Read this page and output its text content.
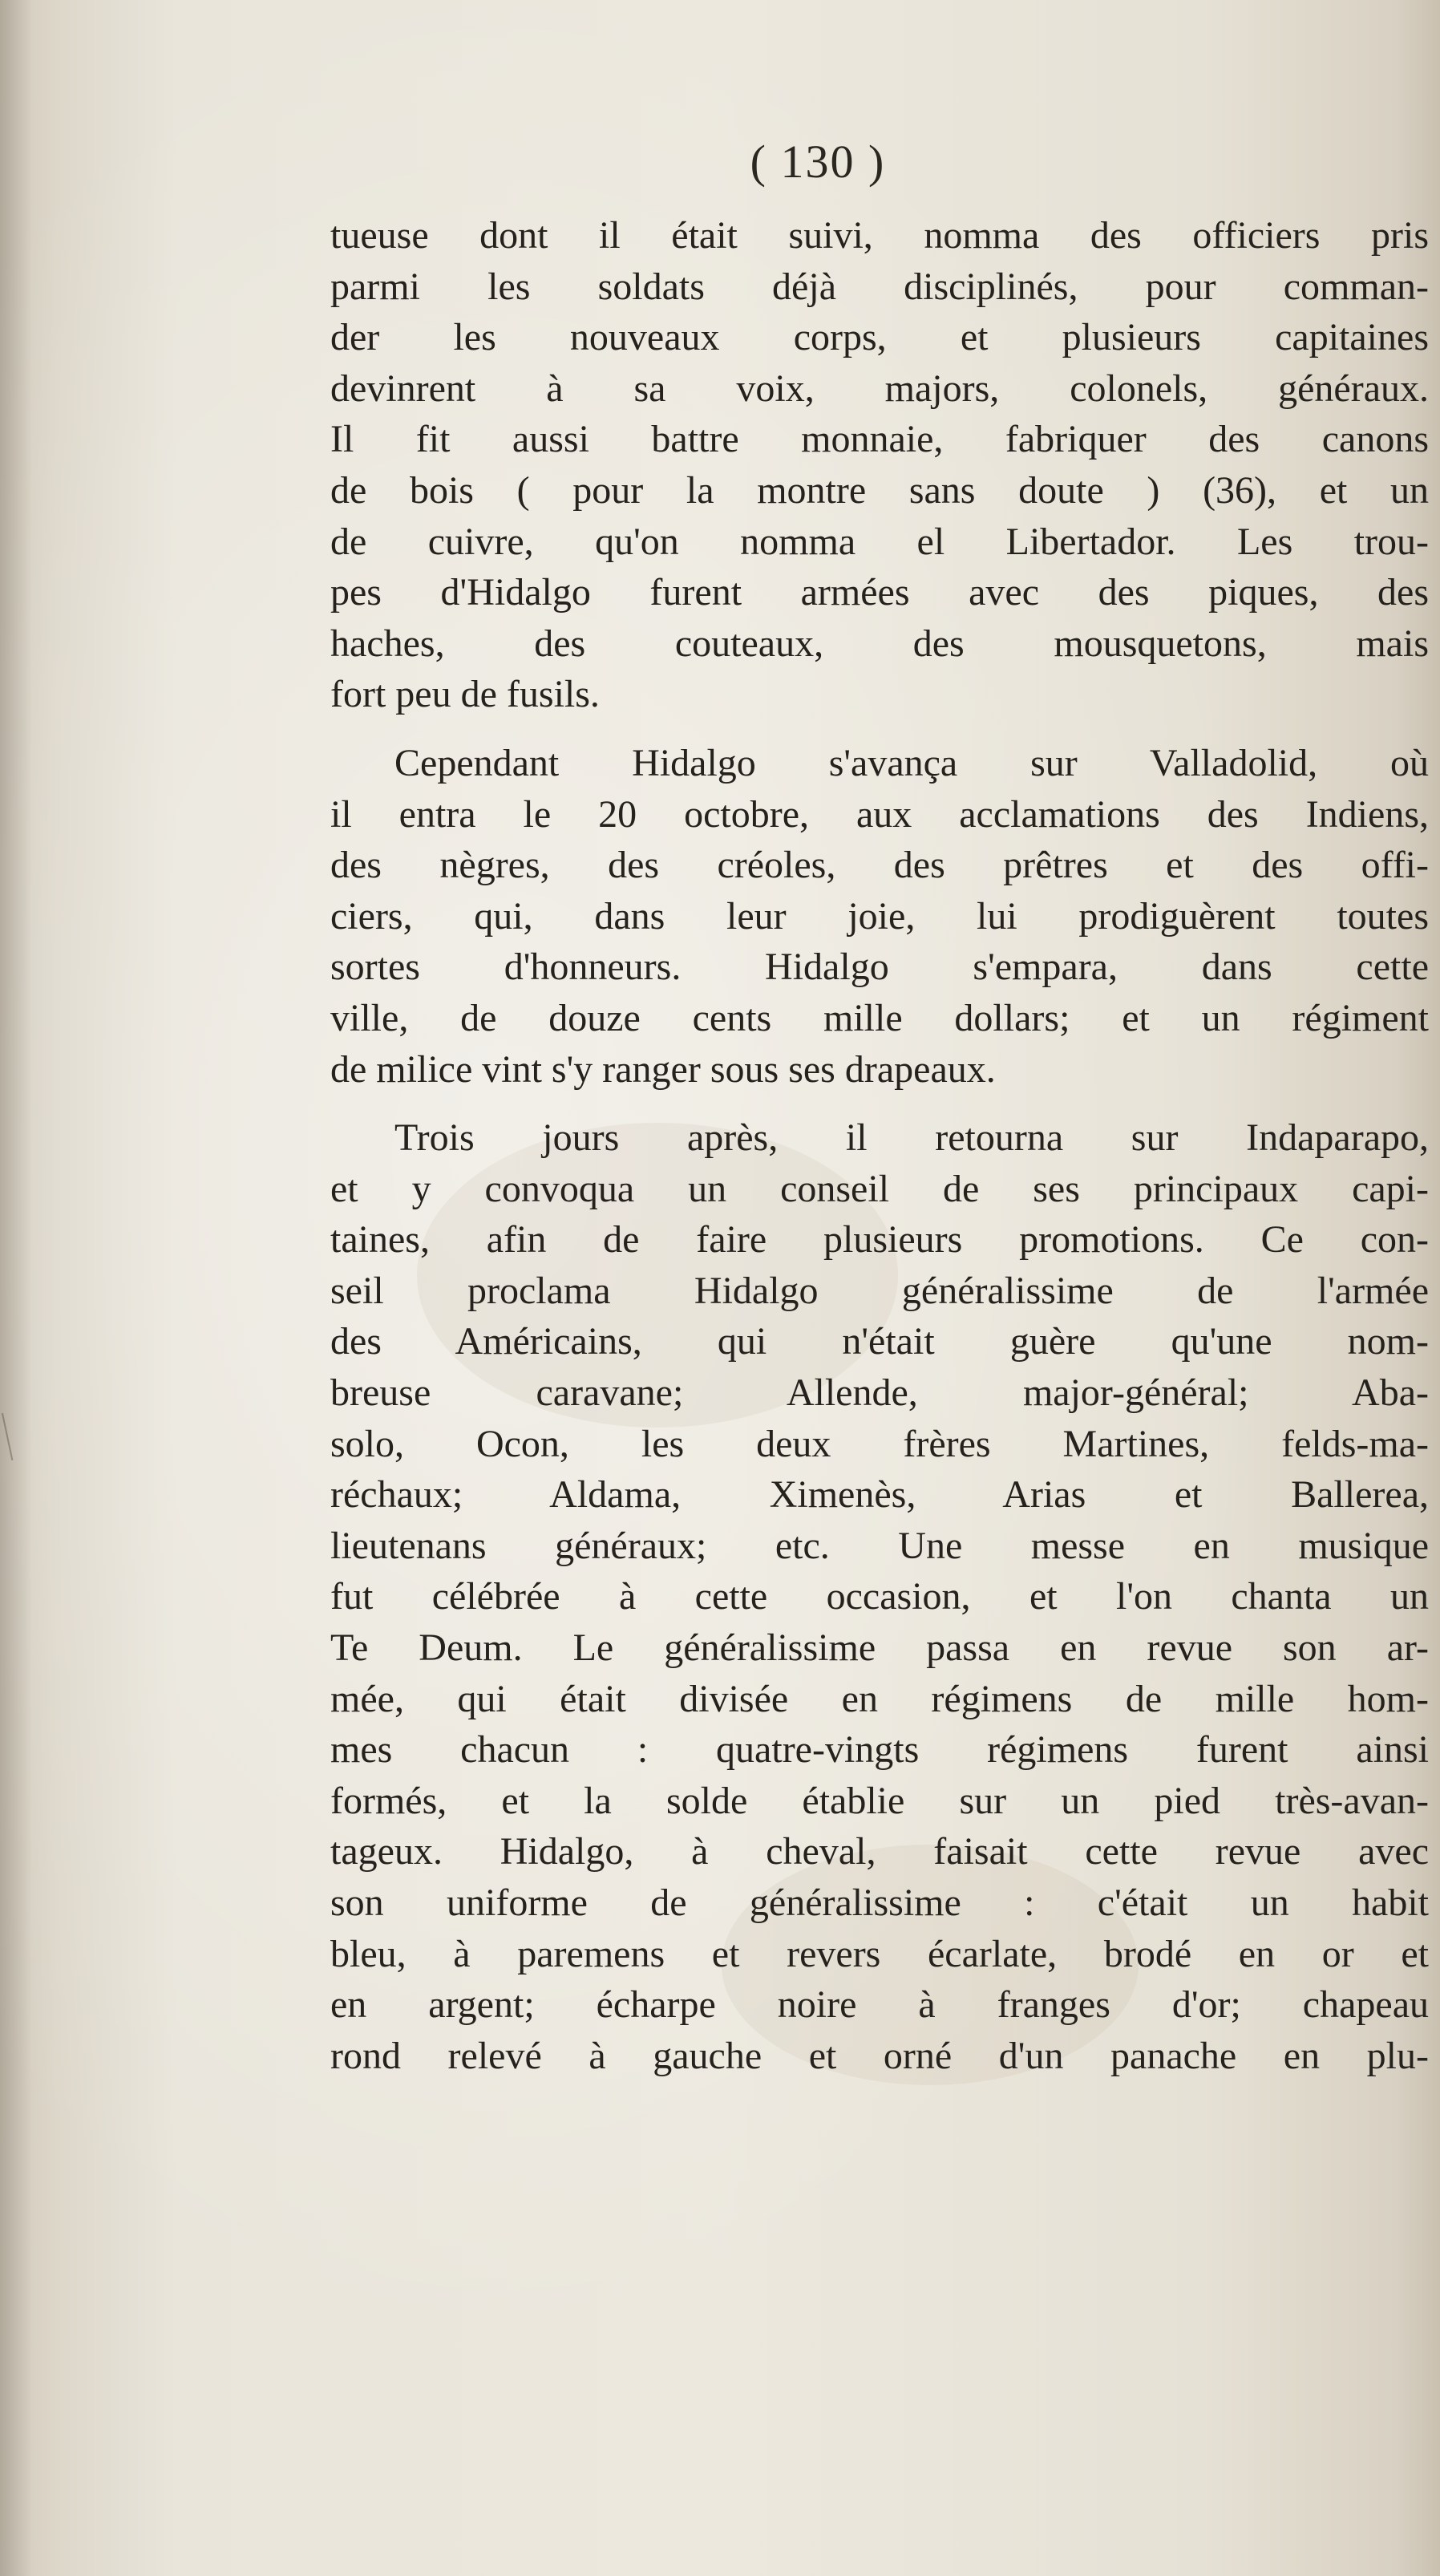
( 130 )
tueuse dont il était suivi, nomma des officiers pris
parmi les soldats déjà disciplinés, pour comman-
der les nouveaux corps, et plusieurs capitaines
devinrent à sa voix, majors, colonels, généraux.
Il fit aussi battre monnaie, fabriquer des canons
de bois ( pour la montre sans doute ) (36), et un
de cuivre, qu'on nomma el Libertador. Les trou-
pes d'Hidalgo furent armées avec des piques, des
haches, des couteaux, des mousquetons, mais
fort peu de fusils.
Cependant Hidalgo s'avança sur Valladolid, où
il entra le 20 octobre, aux acclamations des Indiens,
des nègres, des créoles, des prêtres et des offi-
ciers, qui, dans leur joie, lui prodiguèrent toutes
sortes d'honneurs. Hidalgo s'empara, dans cette
ville, de douze cents mille dollars; et un régiment
de milice vint s'y ranger sous ses drapeaux.
Trois jours après, il retourna sur Indaparapo,
et y convoqua un conseil de ses principaux capi-
taines, afin de faire plusieurs promotions. Ce con-
seil proclama Hidalgo généralissime de l'armée
des Américains, qui n'était guère qu'une nom-
breuse caravane; Allende, major-général; Aba-
solo, Ocon, les deux frères Martines, felds-ma-
réchaux; Aldama, Ximenès, Arias et Ballerea,
lieutenans généraux; etc. Une messe en musique
fut célébrée à cette occasion, et l'on chanta un
Te Deum. Le généralissime passa en revue son ar-
mée, qui était divisée en régimens de mille hom-
mes chacun : quatre-vingts régimens furent ainsi
formés, et la solde établie sur un pied très-avan-
tageux. Hidalgo, à cheval, faisait cette revue avec
son uniforme de généralissime : c'était un habit
bleu, à paremens et revers écarlate, brodé en or et
en argent; écharpe noire à franges d'or; chapeau
rond relevé à gauche et orné d'un panache en plu-
